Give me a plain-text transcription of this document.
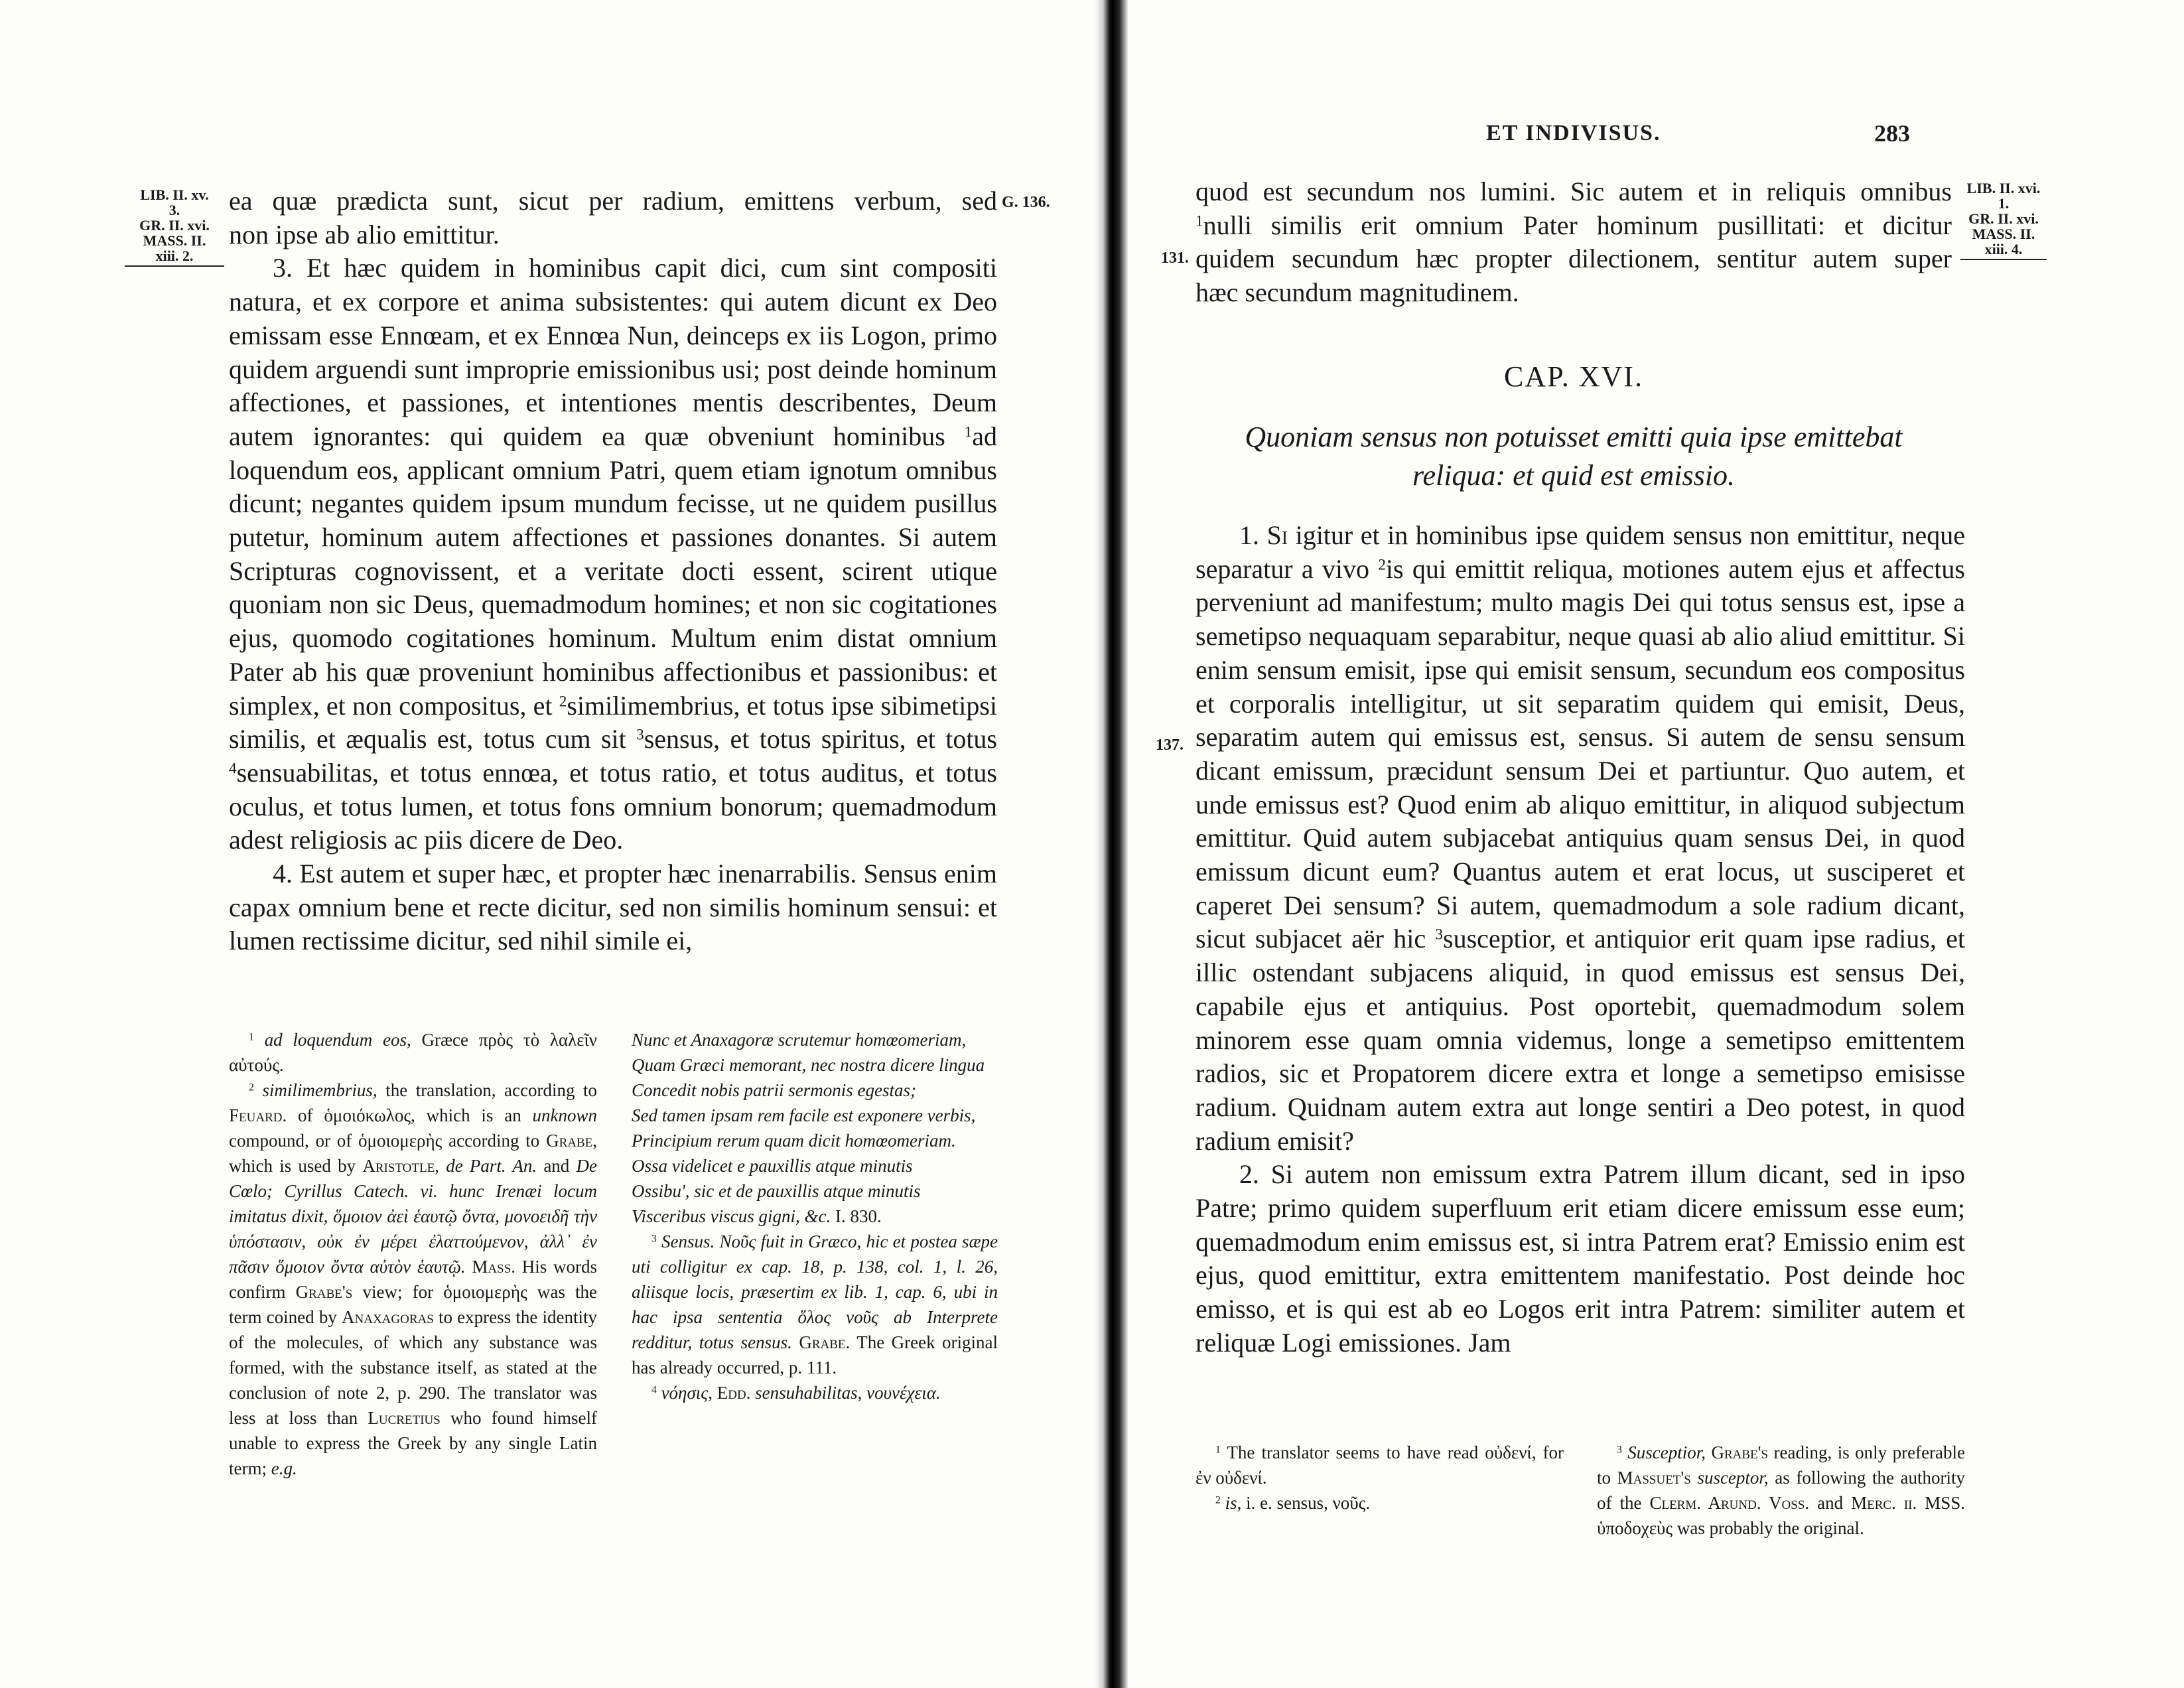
LIB. II. xv.
3.
GR. II. xvi.
MASS. II.
xiii. 2.
G. 136.

ea quæ prædicta sunt, sicut per radium, emittens verbum, sed

non ipse ab alio emittitur.

3. Et hæc quidem in hominibus capit dici, cum sint compositi natura, et ex corpore et anima subsistentes: qui autem dicunt ex Deo emissam esse Ennœam, et ex Ennœa Nun, deinceps ex iis Logon, primo quidem arguendi sunt improprie emissionibus usi; post deinde hominum affectiones, et passiones, et intentiones mentis describentes, Deum autem ignorantes: qui quidem ea quæ obveniunt hominibus $^1$ad loquendum eos, applicant omnium Patri, quem etiam ignotum omnibus dicunt; negantes quidem ipsum mundum fecisse, ut ne quidem pusillus putetur, hominum autem affectiones et passiones donantes. Si autem Scripturas cognovissent, et a veritate docti essent, scirent utique quoniam non sic Deus, quemadmodum homines; et non sic cogitationes ejus, quomodo cogitationes hominum. Multum enim distat omnium Pater ab his quæ proveniunt hominibus affectionibus et passionibus: et simplex, et non compositus, et $^2$similimembrius, et totus ipse sibimetipsi similis, et æqualis est, totus cum sit $^3$sensus, et totus spiritus, et totus $^4$sensuabilitas, et totus ennœa, et totus ratio, et totus auditus, et totus oculus, et totus lumen, et totus fons omnium bonorum; quemadmodum adest religiosis ac piis dicere de Deo.

4. Est autem et super hæc, et propter hæc inenarrabilis. Sensus enim capax omnium bene et recte dicitur, sed non similis hominum sensui: et lumen rectissime dicitur, sed nihil simile ei,

$^1$ ad loquendum eos, Græce πρὸς τὸ λαλεῖν αὐτούς.

$^2$ similimembrius, the translation, according to Feuard. of ὁμοιόκωλος, which is an unknown compound, or of ὁμοιομερὴς according to Grabe, which is used by Aristotle, de Part. An. and De Cœlo; Cyrillus Catech. vi. hunc Irenæi locum imitatus dixit, ὅμοιον ἀεὶ ἑαυτῷ ὄντα, μονοειδῆ τὴν ὑπόστασιν, οὐκ ἐν μέρει ἐλαττούμενον, ἀλλ᾽ ἐν πᾶσιν ὅμοιον ὄντα αὐτὸν ἑαυτῷ. Mass. His words confirm Grabe's view; for ὁμοιομερὴς was the term coined by Anaxagoras to express the identity of the molecules, of which any substance was formed, with the substance itself, as stated at the conclusion of note 2, p. 290. The translator was less at loss than Lucretius who found himself unable to express the Greek by any single Latin term; e.g.

Nunc et Anaxagoræ scrutemur homœomeriam,

Quam Græci memorant, nec nostra dicere lingua

Concedit nobis patrii sermonis egestas;

Sed tamen ipsam rem facile est exponere verbis,

Principium rerum quam dicit homœomeriam.

Ossa videlicet e pauxillis atque minutis

Ossibu', sic et de pauxillis atque minutis

Visceribus viscus gigni, &c. I. 830.

$^3$ Sensus. Νοῦς fuit in Græco, hic et postea sæpe uti colligitur ex cap. 18, p. 138, col. 1, l. 26, aliisque locis, præsertim ex lib. 1, cap. 6, ubi in hac ipsa sententia ὅλος νοῦς ab Interprete redditur, totus sensus. Grabe. The Greek original has already occurred, p. 111.

$^4$ νόησις, Edd. sensuhabilitas, νουνέχεια.

ET INDIVISUS.	283
LIB. II. xvi.
1.
GR. II. xvi.
MASS. II.
xiii. 4.
131.
137.

quod est secundum nos lumini. Sic autem et in reliquis omnibus

$^1$nulli similis erit omnium Pater hominum pusillitati: et dicitur

quidem secundum hæc propter dilectionem, sentitur autem super

hæc secundum magnitudinem.

CAP. XVI.
Quoniam sensus non potuisset emitti quia ipse emittebat
reliqua: et quid est emissio.

1. Si igitur et in hominibus ipse quidem sensus non emittitur, neque separatur a vivo $^2$is qui emittit reliqua, motiones autem ejus et affectus perveniunt ad manifestum; multo magis Dei qui totus sensus est, ipse a semetipso nequaquam separabitur, neque quasi ab alio aliud emittitur. Si enim sensum emisit, ipse qui emisit sensum, secundum eos compositus et corporalis intelligitur, ut sit separatim quidem qui emisit, Deus, separatim autem qui emissus est, sensus. Si autem de sensu sensum dicant emissum, præcidunt sensum Dei et partiuntur. Quo autem, et unde emissus est? Quod enim ab aliquo emittitur, in aliquod subjectum emittitur. Quid autem subjacebat antiquius quam sensus Dei, in quod emissum dicunt eum? Quantus autem et erat locus, ut susciperet et caperet Dei sensum? Si autem, quemadmodum a sole radium dicant, sicut subjacet aër hic $^3$susceptior, et antiquior erit quam ipse radius, et illic ostendant subjacens aliquid, in quod emissus est sensus Dei, capabile ejus et antiquius. Post oportebit, quemadmodum solem minorem esse quam omnia videmus, longe a semetipso emittentem radios, sic et Propatorem dicere extra et longe a semetipso emisisse radium. Quidnam autem extra aut longe sentiri a Deo potest, in quod radium emisit?

2. Si autem non emissum extra Patrem illum dicant, sed in ipso Patre; primo quidem superfluum erit etiam dicere emissum esse eum; quemadmodum enim emissus est, si intra Patrem erat? Emissio enim est ejus, quod emittitur, extra emittentem manifestatio. Post deinde hoc emisso, et is qui est ab eo Logos erit intra Patrem: similiter autem et reliquæ Logi emissiones. Jam

$^1$ The translator seems to have read οὐδενί, for ἐν οὐδενί.

$^2$ is, i. e. sensus, νοῦς.

$^3$ Susceptior, Grabe's reading, is only preferable to Massuet's susceptor, as following the authority of the Clerm. Arund. Voss. and Merc. ii. MSS. ὑποδοχεὺς was probably the original.
